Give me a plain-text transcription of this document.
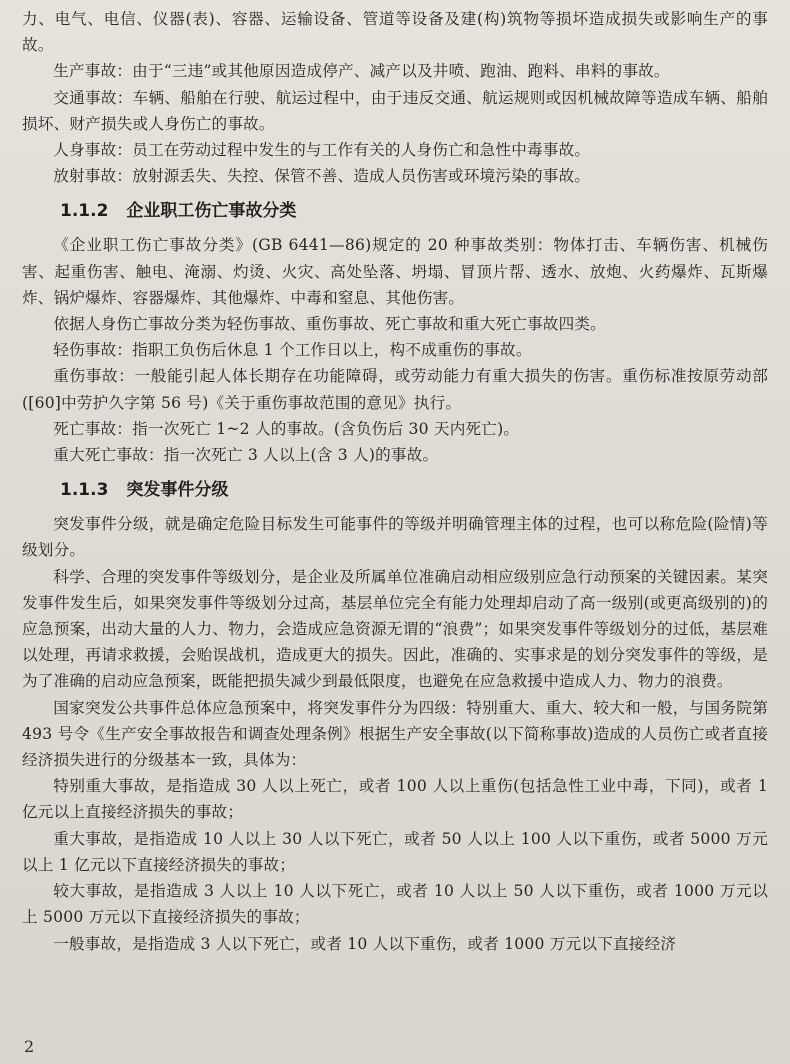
力、电气、电信、仪器(表)、容器、运输设备、管道等设备及建(构)筑物等损坏造成损失或影响生产的事故。

生产事故：由于“三违”或其他原因造成停产、减产以及井喷、跑油、跑料、串料的事故。

交通事故：车辆、船舶在行驶、航运过程中，由于违反交通、航运规则或因机械故障等造成车辆、船舶损坏、财产损失或人身伤亡的事故。

人身事故：员工在劳动过程中发生的与工作有关的人身伤亡和急性中毒事故。

放射事故：放射源丢失、失控、保管不善、造成人员伤害或环境污染的事故。

1.1.2 企业职工伤亡事故分类

《企业职工伤亡事故分类》(GB 6441—86)规定的 20 种事故类别：物体打击、车辆伤害、机械伤害、起重伤害、触电、淹溺、灼烫、火灾、高处坠落、坍塌、冒顶片帮、透水、放炮、火药爆炸、瓦斯爆炸、锅炉爆炸、容器爆炸、其他爆炸、中毒和窒息、其他伤害。

依据人身伤亡事故分类为轻伤事故、重伤事故、死亡事故和重大死亡事故四类。

轻伤事故：指职工负伤后休息 1 个工作日以上，构不成重伤的事故。

重伤事故：一般能引起人体长期存在功能障碍，或劳动能力有重大损失的伤害。重伤标准按原劳动部([60]中劳护久字第 56 号)《关于重伤事故范围的意见》执行。

死亡事故：指一次死亡 1~2 人的事故。(含负伤后 30 天内死亡)。

重大死亡事故：指一次死亡 3 人以上(含 3 人)的事故。

1.1.3 突发事件分级

突发事件分级，就是确定危险目标发生可能事件的等级并明确管理主体的过程，也可以称危险(险情)等级划分。

科学、合理的突发事件等级划分，是企业及所属单位准确启动相应级别应急行动预案的关键因素。某突发事件发生后，如果突发事件等级划分过高，基层单位完全有能力处理却启动了高一级别(或更高级别的)的应急预案，出动大量的人力、物力，会造成应急资源无谓的“浪费”；如果突发事件等级划分的过低，基层难以处理，再请求救援，会贻误战机，造成更大的损失。因此，准确的、实事求是的划分突发事件的等级，是为了准确的启动应急预案，既能把损失减少到最低限度，也避免在应急救援中造成人力、物力的浪费。

国家突发公共事件总体应急预案中，将突发事件分为四级：特别重大、重大、较大和一般，与国务院第 493 号令《生产安全事故报告和调查处理条例》根据生产安全事故(以下简称事故)造成的人员伤亡或者直接经济损失进行的分级基本一致，具体为：

特别重大事故，是指造成 30 人以上死亡，或者 100 人以上重伤(包括急性工业中毒，下同)，或者 1 亿元以上直接经济损失的事故；

重大事故，是指造成 10 人以上 30 人以下死亡，或者 50 人以上 100 人以下重伤，或者 5000 万元以上 1 亿元以下直接经济损失的事故；

较大事故，是指造成 3 人以上 10 人以下死亡，或者 10 人以上 50 人以下重伤，或者 1000 万元以上 5000 万元以下直接经济损失的事故；

一般事故，是指造成 3 人以下死亡，或者 10 人以下重伤，或者 1000 万元以下直接经济

2
